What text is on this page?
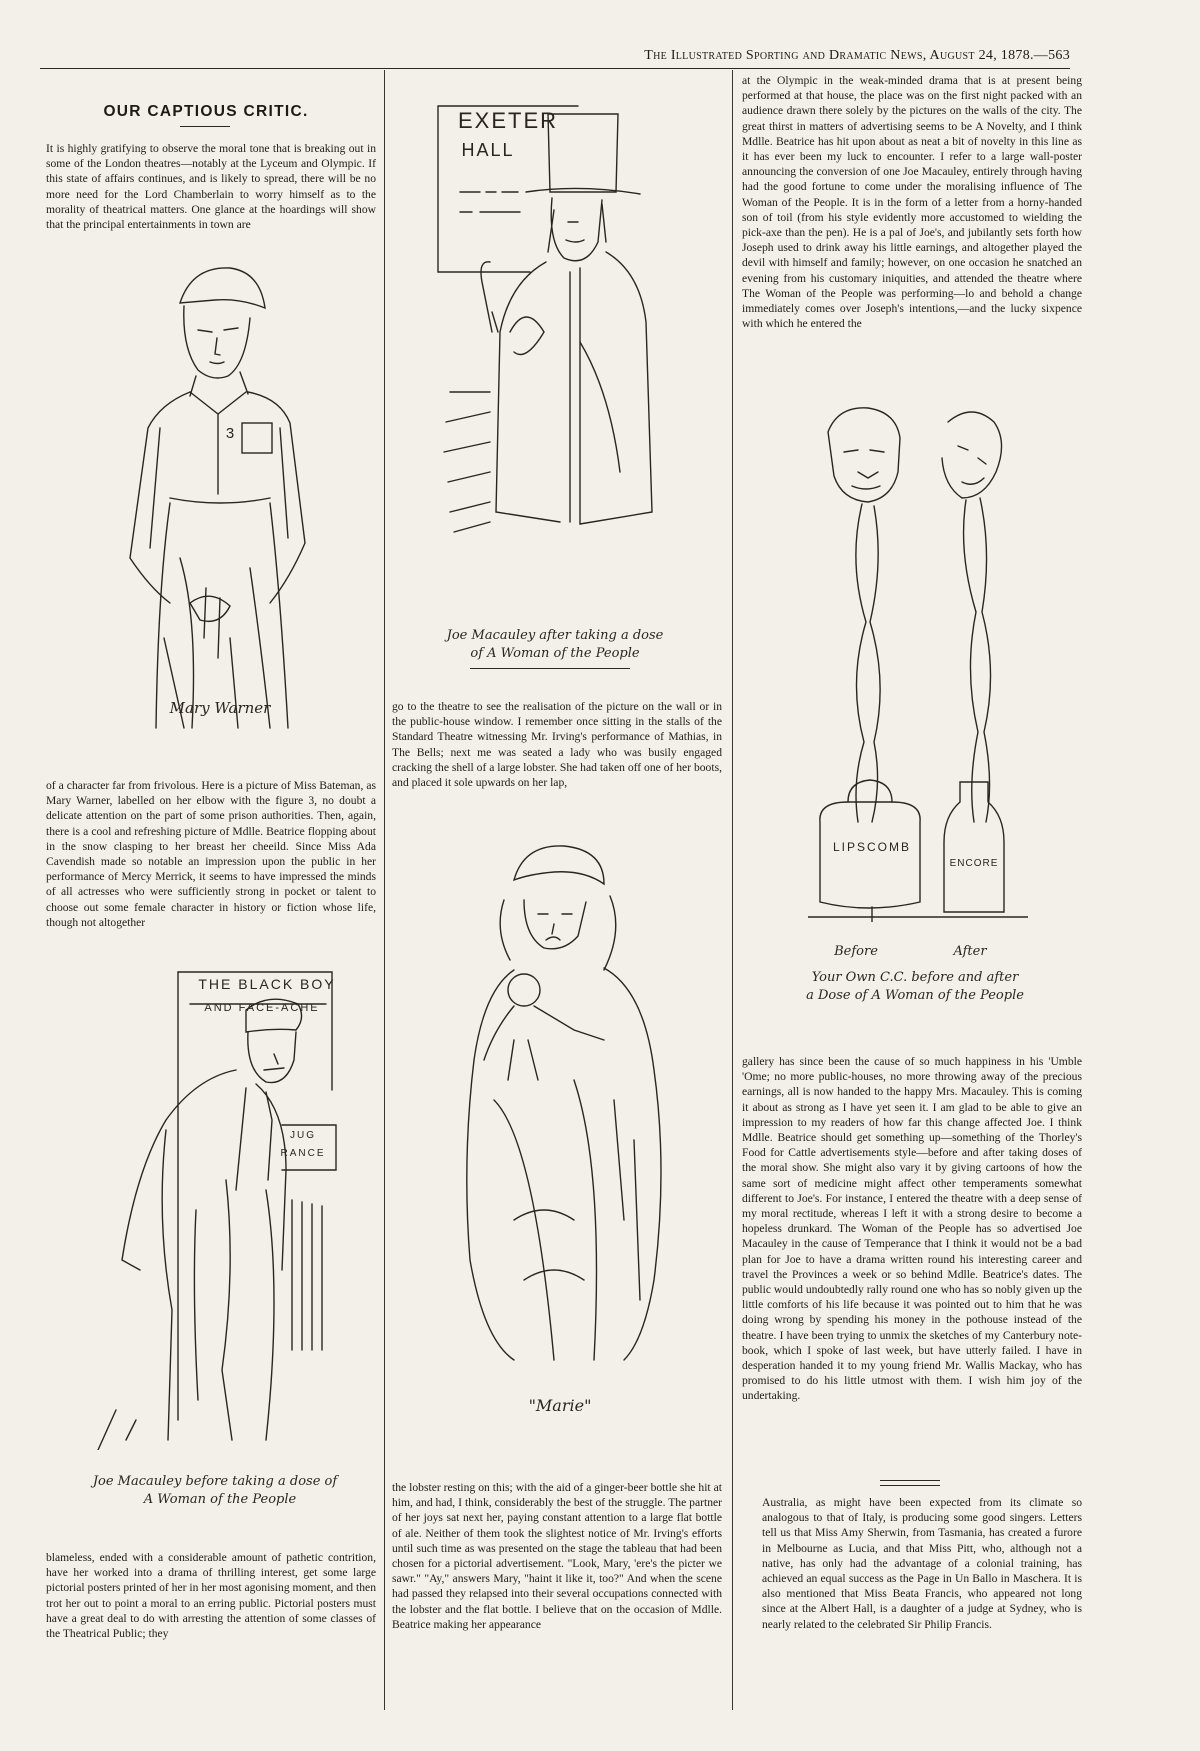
The Illustrated Sporting and Dramatic News, August 24, 1878.—563
OUR CAPTIOUS CRITIC.

It is highly gratifying to observe the moral tone that is breaking out in some of the London theatres—notably at the Lyceum and Olympic. If this state of affairs continues, and is likely to spread, there will be no more need for the Lord Chamberlain to worry himself as to the morality of theatrical matters. One glance at the hoardings will show that the principal entertainments in town are

3
Mary Warner

of a character far from frivolous. Here is a picture of Miss Bateman, as Mary Warner, labelled on her elbow with the figure 3, no doubt a delicate attention on the part of some prison authorities. Then, again, there is a cool and refreshing picture of Mdlle. Beatrice flopping about in the snow clasping to her breast her cheeild. Since Miss Ada Cavendish made so notable an impression upon the public in her performance of Mercy Merrick, it seems to have impressed the minds of all actresses who were sufficiently strong in pocket or talent to choose out some female character in history or fiction whose life, though not altogether

THE BLACK BOY
AND FACE-ACHE
JUG
RANCE
Joe Macauley before taking a dose of
A Woman of the People

blameless, ended with a considerable amount of pathetic contrition, have her worked into a drama of thrilling interest, get some large pictorial posters printed of her in her most agonising moment, and then trot her out to point a moral to an erring public. Pictorial posters must have a great deal to do with arresting the attention of some classes of the Theatrical Public; they

EXETER
HALL
Joe Macauley after taking a dose
of A Woman of the People

go to the theatre to see the realisation of the picture on the wall or in the public-house window. I remember once sitting in the stalls of the Standard Theatre witnessing Mr. Irving's performance of Mathias, in The Bells; next me was seated a lady who was busily engaged cracking the shell of a large lobster. She had taken off one of her boots, and placed it sole upwards on her lap,

"Marie"

the lobster resting on this; with the aid of a ginger-beer bottle she hit at him, and had, I think, considerably the best of the struggle. The partner of her joys sat next her, paying constant attention to a large flat bottle of ale. Neither of them took the slightest notice of Mr. Irving's efforts until such time as was presented on the stage the tableau that had been chosen for a pictorial advertisement. "Look, Mary, 'ere's the picter we sawr." "Ay," answers Mary, "haint it like it, too?" And when the scene had passed they relapsed into their several occupations connected with the lobster and the flat bottle. I believe that on the occasion of Mdlle. Beatrice making her appearance

at the Olympic in the weak-minded drama that is at present being performed at that house, the place was on the first night packed with an audience drawn there solely by the pictures on the walls of the city. The great thirst in matters of advertising seems to be A Novelty, and I think Mdlle. Beatrice has hit upon about as neat a bit of novelty in this line as it has ever been my luck to encounter. I refer to a large wall-poster announcing the conversion of one Joe Macauley, entirely through having had the good fortune to come under the moralising influence of The Woman of the People. It is in the form of a letter from a horny-handed son of toil (from his style evidently more accustomed to wielding the pick-axe than the pen). He is a pal of Joe's, and jubilantly sets forth how Joseph used to drink away his little earnings, and altogether played the devil with himself and family; however, on one occasion he snatched an evening from his customary iniquities, and attended the theatre where The Woman of the People was performing—lo and behold a change immediately comes over Joseph's intentions,—and the lucky sixpence with which he entered the

LIPSCOMB
ENCORE
Before	After
Your Own C.C. before and after
a Dose of A Woman of the People

gallery has since been the cause of so much happiness in his 'Umble 'Ome; no more public-houses, no more throwing away of the precious earnings, all is now handed to the happy Mrs. Macauley. This is coming it about as strong as I have yet seen it. I am glad to be able to give an impression to my readers of how far this change affected Joe. I think Mdlle. Beatrice should get something up—something of the Thorley's Food for Cattle advertisements style—before and after taking doses of the moral show. She might also vary it by giving cartoons of how the same sort of medicine might affect other temperaments somewhat different to Joe's. For instance, I entered the theatre with a deep sense of my moral rectitude, whereas I left it with a strong desire to become a hopeless drunkard. The Woman of the People has so advertised Joe Macauley in the cause of Temperance that I think it would not be a bad plan for Joe to have a drama written round his interesting career and travel the Provinces a week or so behind Mdlle. Beatrice's dates. The public would undoubtedly rally round one who has so nobly given up the little comforts of his life because it was pointed out to him that he was doing wrong by spending his money in the pothouse instead of the theatre. I have been trying to unmix the sketches of my Canterbury note-book, which I spoke of last week, but have utterly failed. I have in desperation handed it to my young friend Mr. Wallis Mackay, who has promised to do his little utmost with them. I wish him joy of the undertaking.

Australia, as might have been expected from its climate so analogous to that of Italy, is producing some good singers. Letters tell us that Miss Amy Sherwin, from Tasmania, has created a furore in Melbourne as Lucia, and that Miss Pitt, who, although not a native, has only had the advantage of a colonial training, has achieved an equal success as the Page in Un Ballo in Maschera. It is also mentioned that Miss Beata Francis, who appeared not long since at the Albert Hall, is a daughter of a judge at Sydney, who is nearly related to the celebrated Sir Philip Francis.
